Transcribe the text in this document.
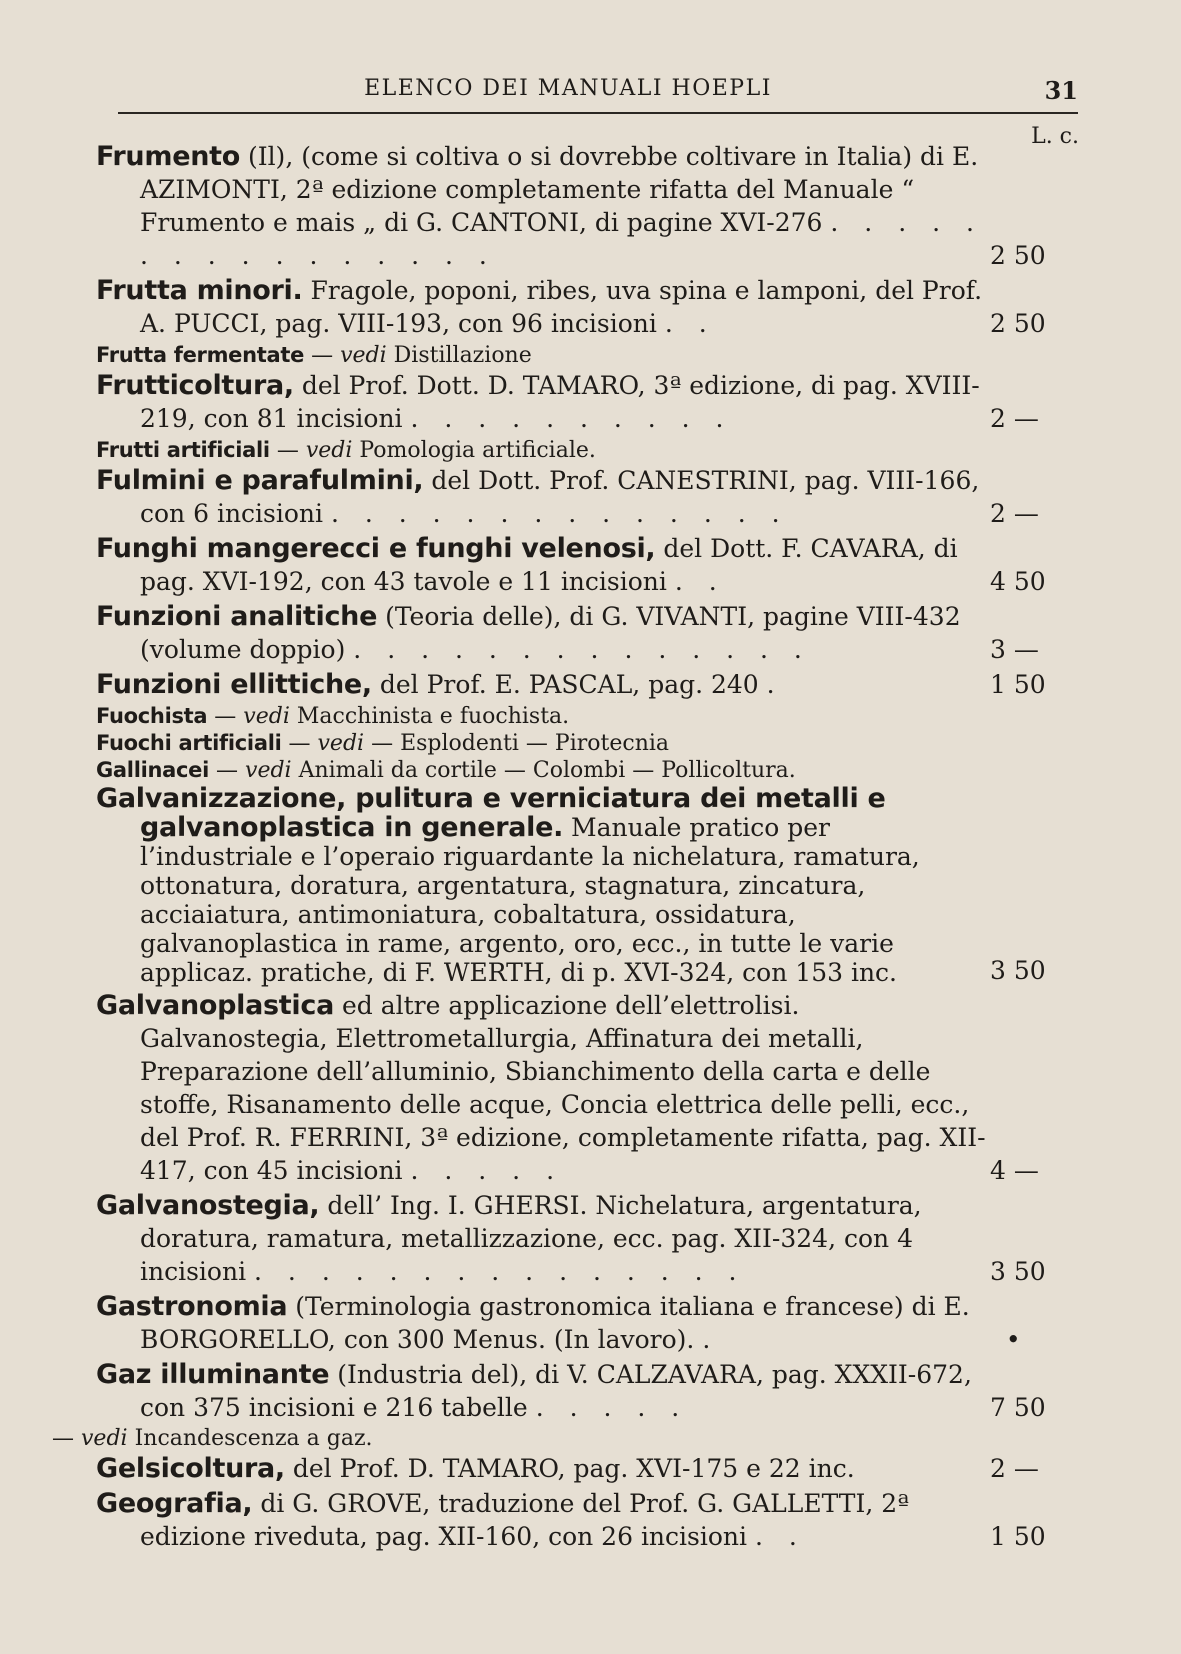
ELENCO DEI MANUALI HOEPLI	31
L. c.
Frumento (Il), (come si coltiva o si dovrebbe coltivare in Italia) di E. AZIMONTI, 2ª edizione completamente rifatta del Manuale “ Frumento e mais „ di G. CANTONI, di pagine XVI-276 . . . . . . . . . . . . . . . .	2 50
Frutta minori. Fragole, poponi, ribes, uva spina e lamponi, del Prof. A. PUCCI, pag. VIII-193, con 96 incisioni . .	2 50
Frutta fermentate — vedi Distillazione
Frutticoltura, del Prof. Dott. D. TAMARO, 3ª edizione, di pag. XVIII-219, con 81 incisioni . . . . . . . . . .	2 —
Frutti artificiali — vedi Pomologia artificiale.
Fulmini e parafulmini, del Dott. Prof. CANESTRINI, pag. VIII-166, con 6 incisioni . . . . . . . . . . . . . .	2 —
Funghi mangerecci e funghi velenosi, del Dott. F. CAVARA, di pag. XVI-192, con 43 tavole e 11 incisioni . .	4 50
Funzioni analitiche (Teoria delle), di G. VIVANTI, pagine VIII-432 (volume doppio) . . . . . . . . . . . . . .	3 —
Funzioni ellittiche, del Prof. E. PASCAL, pag. 240 .	1 50
Fuochista — vedi Macchinista e fuochista.
Fuochi artificiali — vedi — Esplodenti — Pirotecnia
Gallinacei — vedi Animali da cortile — Colombi — Pollicoltura.
Galvanizzazione, pulitura e verniciatura dei metalli e galvanoplastica in generale. Manuale pratico per l’industriale e l’operaio riguardante la nichelatura, ramatura, ottonatura, doratura, argentatura, stagnatura, zincatura, acciaiatura, antimoniatura, cobaltatura, ossidatura, galvanoplastica in rame, argento, oro, ecc., in tutte le varie applicaz. pratiche, di F. WERTH, di p. XVI-324, con 153 inc.	3 50
Galvanoplastica ed altre applicazione dell’elettrolisi. Galvanostegia, Elettrometallurgia, Affinatura dei metalli, Preparazione dell’alluminio, Sbianchimento della carta e delle stoffe, Risanamento delle acque, Concia elettrica delle pelli, ecc., del Prof. R. FERRINI, 3ª edizione, completamente rifatta, pag. XII-417, con 45 incisioni . . . . .	4 —
Galvanostegia, dell’ Ing. I. GHERSI. Nichelatura, argentatura, doratura, ramatura, metallizzazione, ecc. pag. XII-324, con 4 incisioni . . . . . . . . . . . . . . .	3 50
Gastronomia (Terminologia gastronomica italiana e francese) di E. BORGORELLO, con 300 Menus. (In lavoro). .	•
Gaz illuminante (Industria del), di V. CALZAVARA, pag. XXXII-672, con 375 incisioni e 216 tabelle . . . . .	7 50
— vedi Incandescenza a gaz.
Gelsicoltura, del Prof. D. TAMARO, pag. XVI-175 e 22 inc.	2 —
Geografia, di G. GROVE, traduzione del Prof. G. GALLETTI, 2ª edizione riveduta, pag. XII-160, con 26 incisioni . .	1 50
